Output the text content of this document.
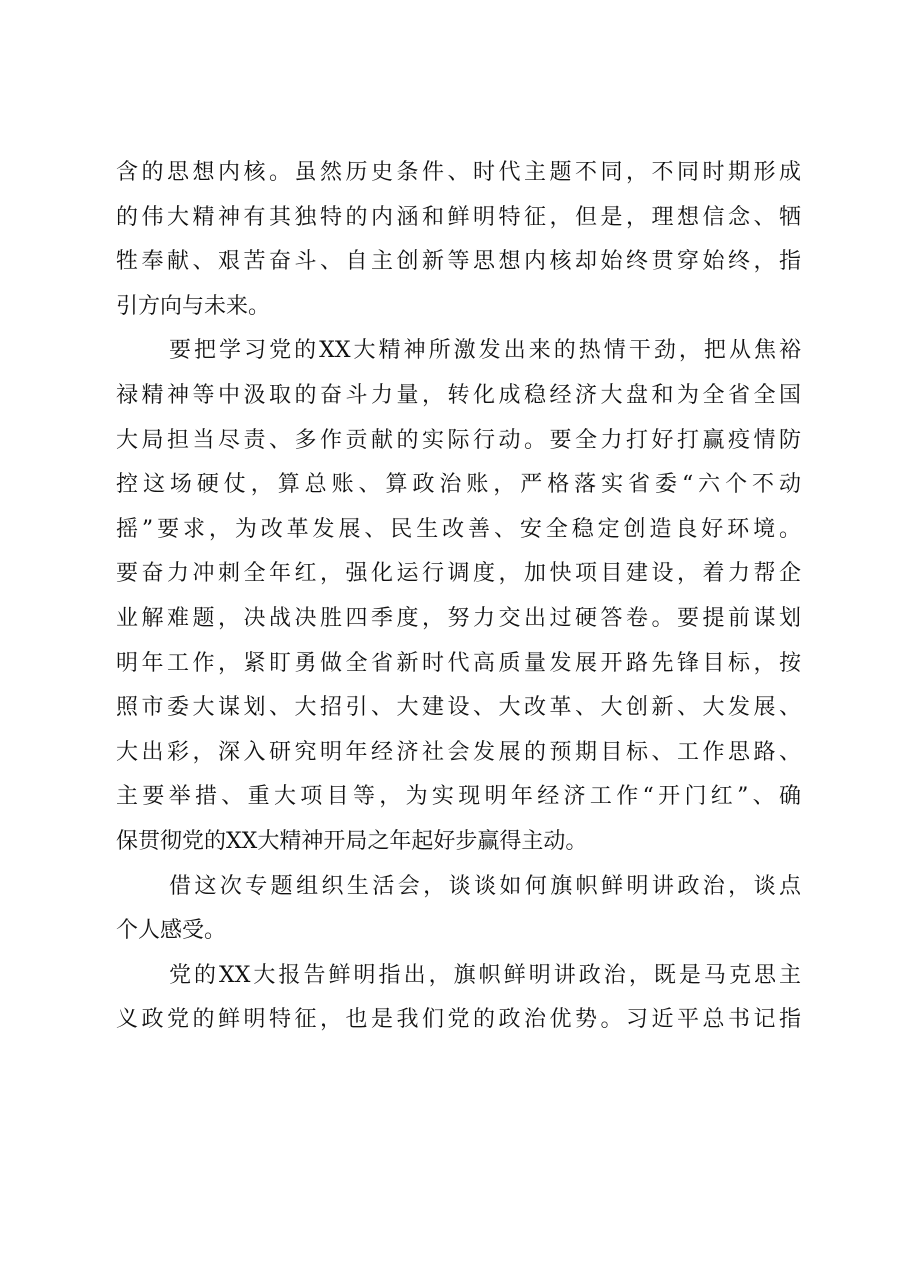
含的思想内核。虽然历史条件、时代主题不同，不同时期形成
的伟大精神有其独特的内涵和鲜明特征，但是，理想信念、牺
牲奉献、艰苦奋斗、自主创新等思想内核却始终贯穿始终，指
引方向与未来。
要把学习党的XX大精神所激发出来的热情干劲，把从焦裕
禄精神等中汲取的奋斗力量，转化成稳经济大盘和为全省全国
大局担当尽责、多作贡献的实际行动。要全力打好打赢疫情防
控这场硬仗，算总账、算政治账，严格落实省委“六个不动
摇”要求，为改革发展、民生改善、安全稳定创造良好环境。
要奋力冲刺全年红，强化运行调度，加快项目建设，着力帮企
业解难题，决战决胜四季度，努力交出过硬答卷。要提前谋划
明年工作，紧盯勇做全省新时代高质量发展开路先锋目标，按
照市委大谋划、大招引、大建设、大改革、大创新、大发展、
大出彩，深入研究明年经济社会发展的预期目标、工作思路、
主要举措、重大项目等，为实现明年经济工作“开门红”、确
保贯彻党的XX大精神开局之年起好步赢得主动。
借这次专题组织生活会，谈谈如何旗帜鲜明讲政治，谈点
个人感受。
党的XX大报告鲜明指出，旗帜鲜明讲政治，既是马克思主
义政党的鲜明特征，也是我们党的政治优势。习近平总书记指
